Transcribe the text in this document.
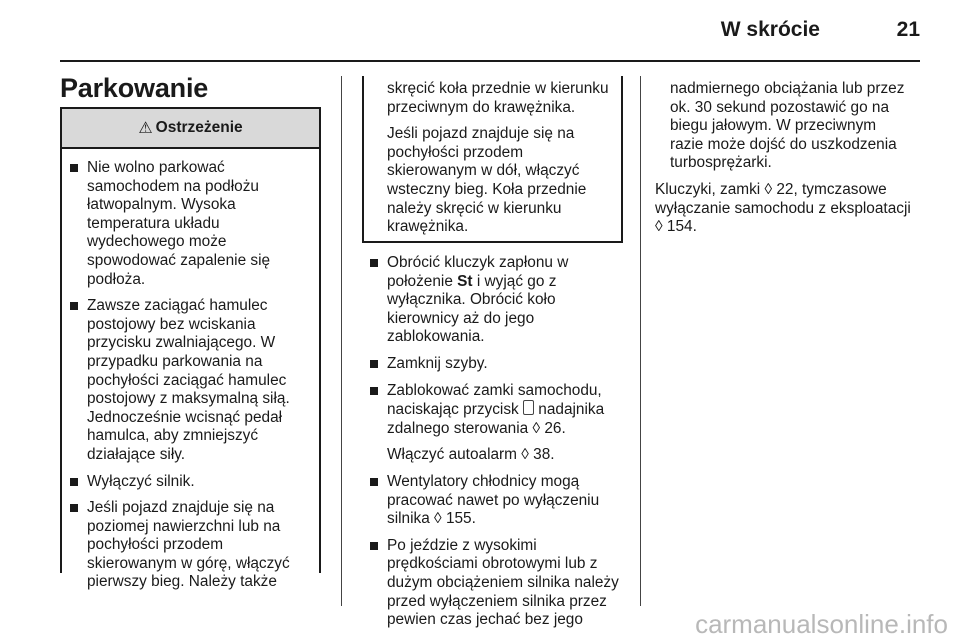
W skrócie	21
Parkowanie
⚠ Ostrzeżenie
Nie wolno parkować
samochodem na podłożu
łatwopalnym. Wysoka
temperatura układu
wydechowego może
spowodować zapalenie się
podłoża.
Zawsze zaciągać hamulec
postojowy bez wciskania
przycisku zwalniającego. W
przypadku parkowania na
pochyłości zaciągać hamulec
postojowy z maksymalną siłą.
Jednocześnie wcisnąć pedał
hamulca, aby zmniejszyć
działające siły.
Wyłączyć silnik.
Jeśli pojazd znajduje się na
poziomej nawierzchni lub na
pochyłości przodem
skierowanym w górę, włączyć
pierwszy bieg. Należy także
skręcić koła przednie w kierunku
przeciwnym do krawężnika.
Jeśli pojazd znajduje się na
pochyłości przodem
skierowanym w dół, włączyć
wsteczny bieg. Koła przednie
należy skręcić w kierunku
krawężnika.
Obrócić kluczyk zapłonu w
położenie St i wyjąć go z
wyłącznika. Obrócić koło
kierownicy aż do jego
zablokowania.
Zamknij szyby.
Zablokować zamki samochodu,
naciskając przycisk  nadajnika
zdalnego sterowania ◊ 26.
Włączyć autoalarm ◊ 38.
Wentylatory chłodnicy mogą
pracować nawet po wyłączeniu
silnika ◊ 155.
Po jeździe z wysokimi
prędkościami obrotowymi lub z
dużym obciążeniem silnika należy
przed wyłączeniem silnika przez
pewien czas jechać bez jego
nadmiernego obciążania lub przez
ok. 30 sekund pozostawić go na
biegu jałowym. W przeciwnym
razie może dojść do uszkodzenia
turbosprężarki.
Kluczyki, zamki ◊ 22, tymczasowe
wyłączanie samochodu z eksploatacji
◊ 154.
carmanualsonline.info
